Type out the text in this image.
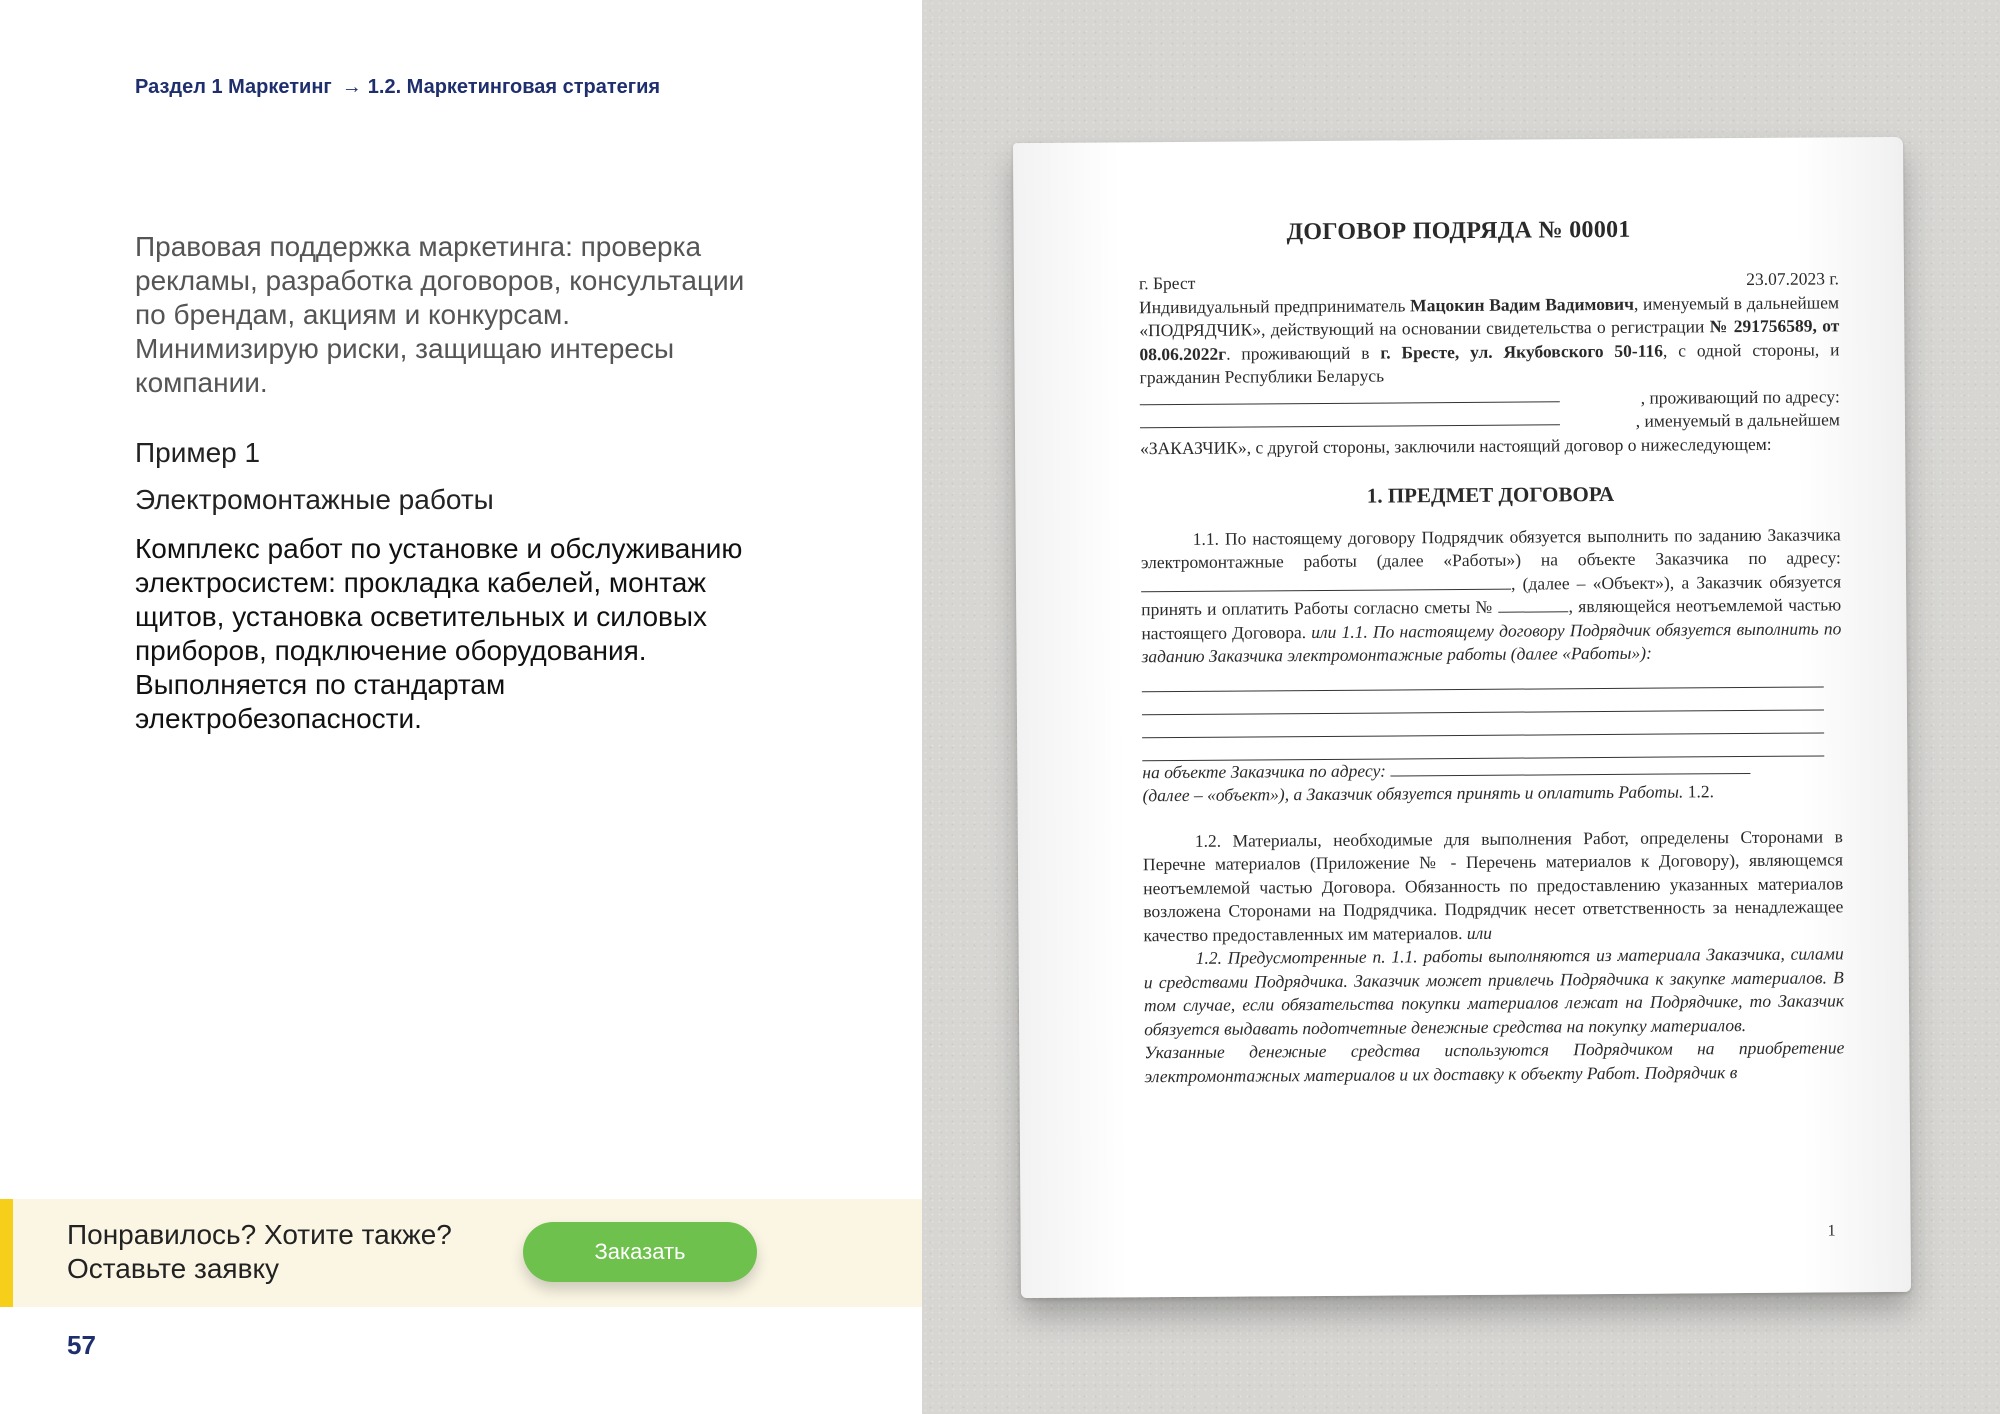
Раздел 1 Маркетинг → 1.2. Маркетинговая стратегия
Правовая поддержка маркетинга: проверка рекламы, разработка договоров, консультации по брендам, акциям и конкурсам. Минимизирую риски, защищаю интересы компании.
Пример 1
Электромонтажные работы
Комплекс работ по установке и обслуживанию электросистем: прокладка кабелей, монтаж щитов, установка осветительных и силовых приборов, подключение оборудования. Выполняется по стандартам электробезопасности.
Понравилось? Хотите также?
Оставьте заявку
Заказать
57
ДОГОВОР ПОДРЯДА № 00001
г. Брест	23.07.2023 г.
Индивидуальный предприниматель Мацокин Вадим Вадимович, именуемый в дальнейшем «ПОДРЯДЧИК», действующий на основании свидетельства о регистрации № 291756589, от 08.06.2022г. проживающий в г. Бресте, ул. Якубовского 50-116, с одной стороны, и гражданин Республики Беларусь
, проживающий по адресу:
, именуемый в дальнейшем
«ЗАКАЗЧИК», с другой стороны, заключили настоящий договор о нижеследующем:
1. ПРЕДМЕТ ДОГОВОРА
1.1. По настоящему договору Подрядчик обязуется выполнить по заданию Заказчика электромонтажные работы (далее «Работы») на объекте Заказчика по адресу: , (далее – «Объект»), а Заказчик обязуется принять и оплатить Работы согласно сметы №	, являющейся неотъемлемой частью настоящего Договора. или 1.1. По настоящему договору Подрядчик обязуется выполнить по заданию Заказчика электромонтажные работы (далее «Работы»):
на объекте Заказчика по адресу:
(далее – «объект»), а Заказчик обязуется принять и оплатить Работы. 1.2.
1.2. Материалы, необходимые для выполнения Работ, определены Сторонами в Перечне материалов (Приложение № - Перечень материалов к Договору), являющемся неотъемлемой частью Договора. Обязанность по предоставлению указанных материалов возложена Сторонами на Подрядчика. Подрядчик несет ответственность за ненадлежащее качество предоставленных им материалов. или
1.2. Предусмотренные п. 1.1. работы выполняются из материала Заказчика, силами и средствами Подрядчика. Заказчик может привлечь Подрядчика к закупке материалов. В том случае, если обязательства покупки материалов лежат на Подрядчике, то Заказчик обязуется выдавать подотчетные денежные средства на покупку материалов.
Указанные денежные средства используются Подрядчиком на приобретение электромонтажных материалов и их доставку к объекту Работ. Подрядчик в
1
